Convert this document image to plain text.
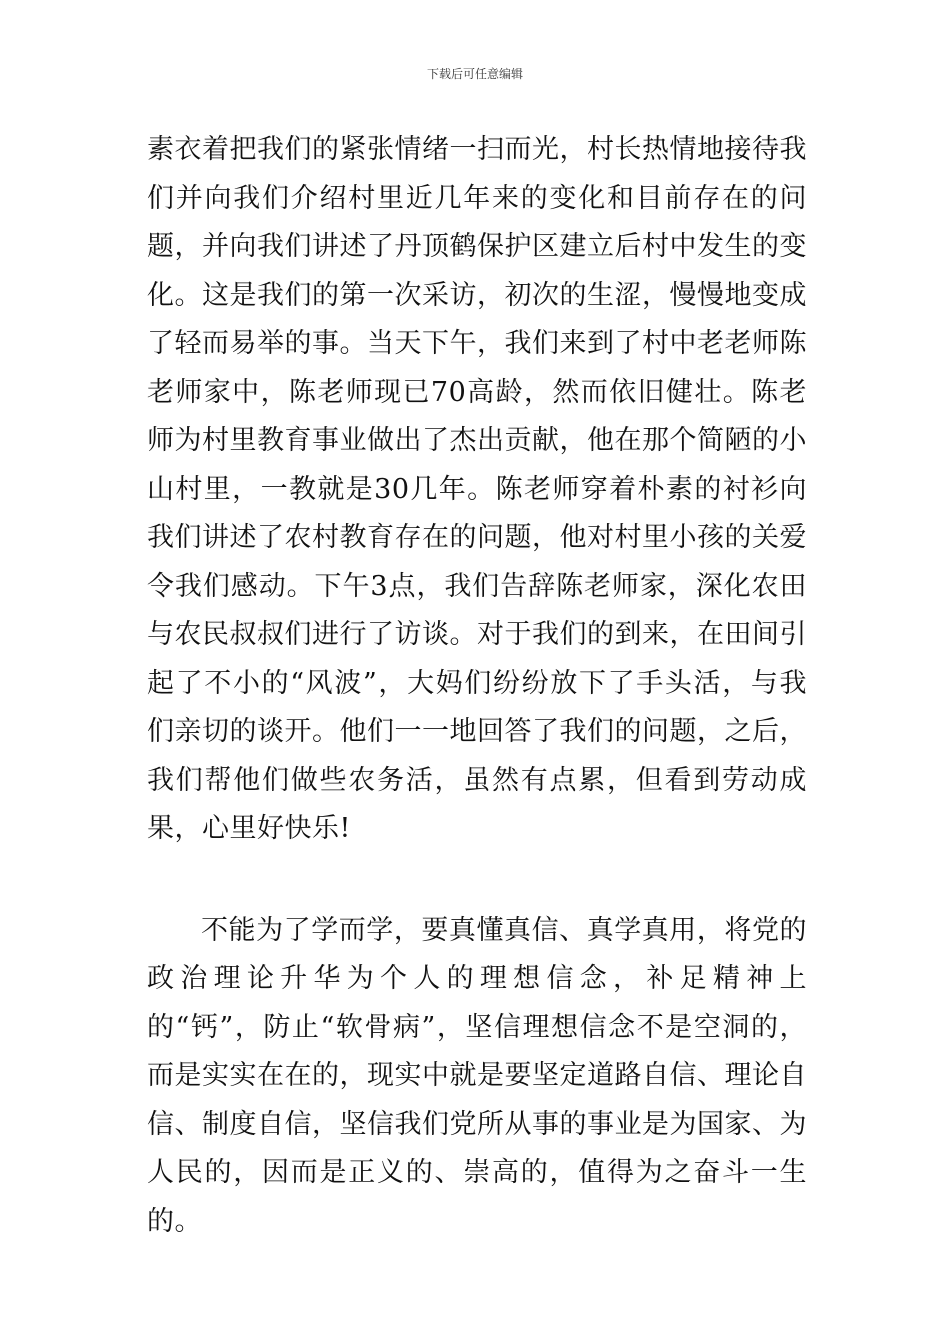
下载后可任意编辑

素衣着把我们的紧张情绪一扫而光，村长热情地接待我们并向我们介绍村里近几年来的变化和目前存在的问题，并向我们讲述了丹顶鹤保护区建立后村中发生的变化。这是我们的第一次采访，初次的生涩，慢慢地变成了轻而易举的事。当天下午，我们来到了村中老老师陈老师家中，陈老师现已70高龄，然而依旧健壮。陈老师为村里教育事业做出了杰出贡献，他在那个简陋的小山村里，一教就是30几年。陈老师穿着朴素的衬衫向我们讲述了农村教育存在的问题，他对村里小孩的关爱令我们感动。下午3点，我们告辞陈老师家，深化农田与农民叔叔们进行了访谈。对于我们的到来，在田间引起了不小的“风波”，大妈们纷纷放下了手头活，与我们亲切的谈开。他们一一地回答了我们的问题，之后，我们帮他们做些农务活，虽然有点累，但看到劳动成果，心里好快乐!

不能为了学而学，要真懂真信、真学真用，将党的政治理论升华为个人的理想信念，补足精神上的“钙”，防止“软骨病”，坚信理想信念不是空洞的，而是实实在在的，现实中就是要坚定道路自信、理论自信、制度自信，坚信我们党所从事的事业是为国家、为人民的，因而是正义的、崇高的，值得为之奋斗一生的。
